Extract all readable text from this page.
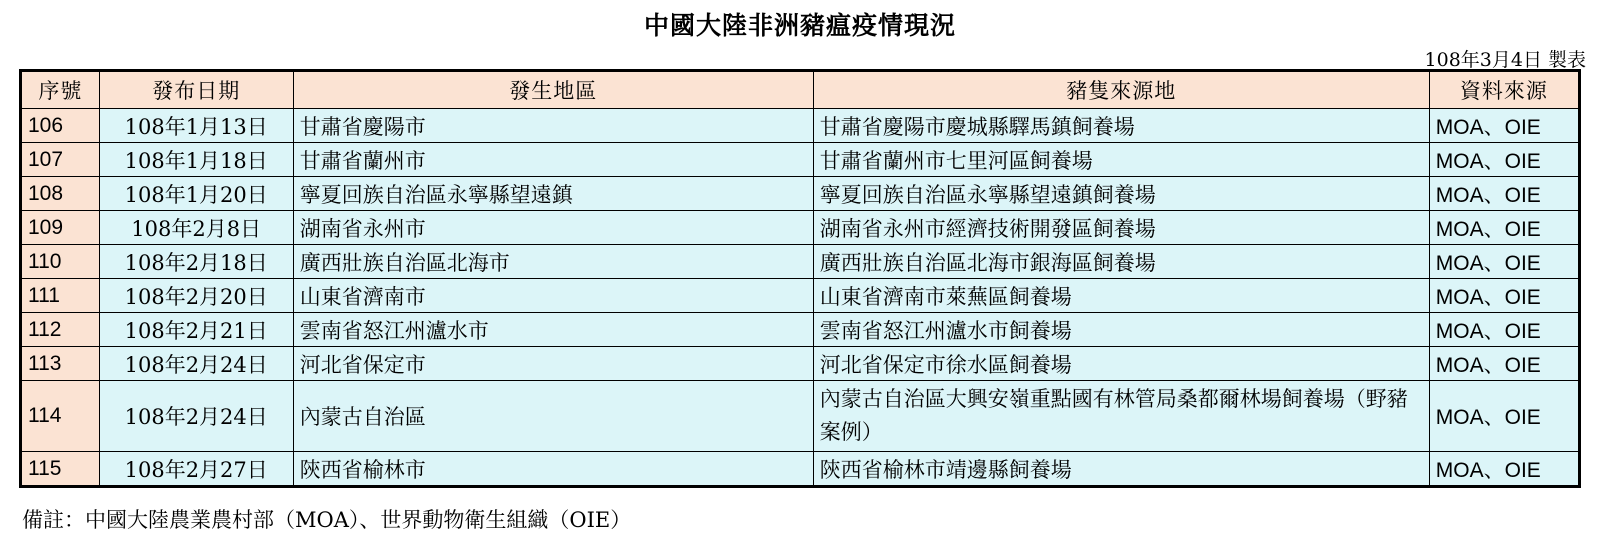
中國大陸非洲豬瘟疫情現況
108年3月4日 製表
序號	發布日期	發生地區	豬隻來源地	資料來源
106	108年1月13日	甘肅省慶陽市	甘肅省慶陽市慶城縣驛馬鎮飼養場	MOA、OIE
107	108年1月18日	甘肅省蘭州市	甘肅省蘭州市七里河區飼養場	MOA、OIE
108	108年1月20日	寧夏回族自治區永寧縣望遠鎮	寧夏回族自治區永寧縣望遠鎮飼養場	MOA、OIE
109	108年2月8日	湖南省永州市	湖南省永州市經濟技術開發區飼養場	MOA、OIE
110	108年2月18日	廣西壯族自治區北海市	廣西壯族自治區北海市銀海區飼養場	MOA、OIE
111	108年2月20日	山東省濟南市	山東省濟南市萊蕪區飼養場	MOA、OIE
112	108年2月21日	雲南省怒江州瀘水市	雲南省怒江州瀘水市飼養場	MOA、OIE
113	108年2月24日	河北省保定市	河北省保定市徐水區飼養場	MOA、OIE
114	108年2月24日	內蒙古自治區	內蒙古自治區大興安嶺重點國有林管局桑都爾林場飼養場（野豬案例）	MOA、OIE
115	108年2月27日	陝西省榆林市	陝西省榆林市靖邊縣飼養場	MOA、OIE
備註：中國大陸農業農村部（MOA）、世界動物衛生組織（OIE）
